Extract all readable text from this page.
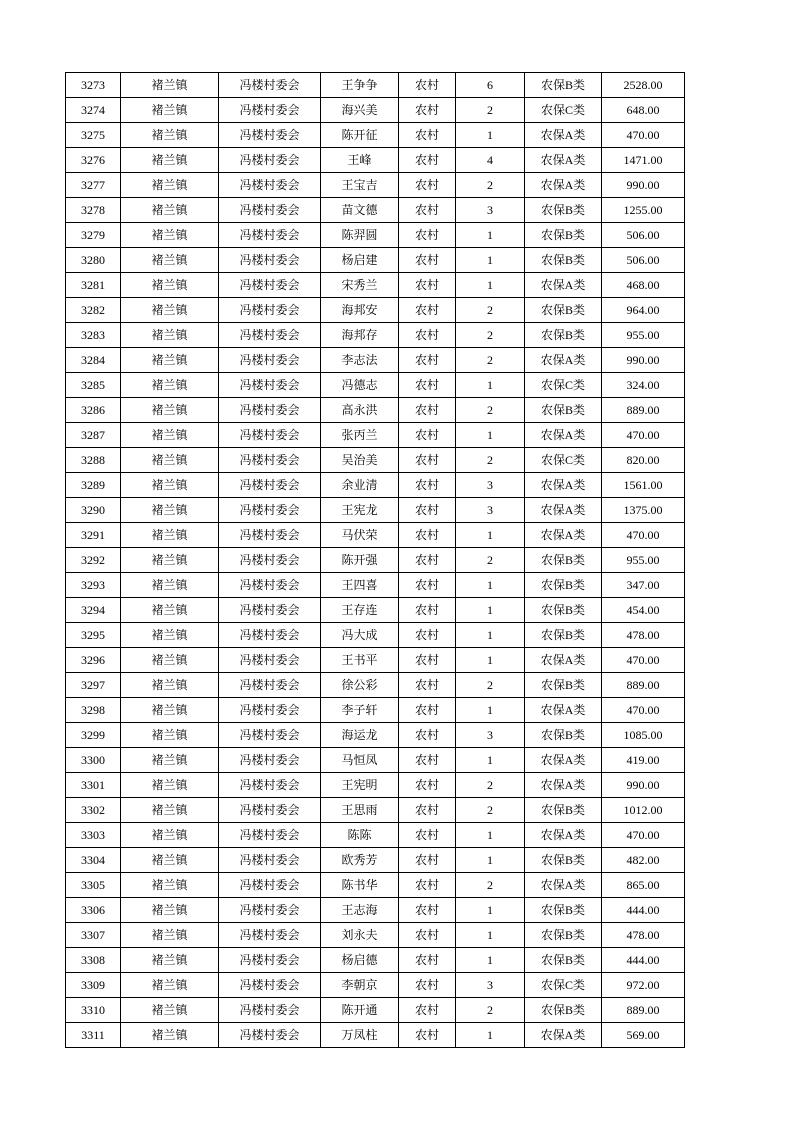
3273	褚兰镇	冯楼村委会	王争争	农村	6	农保B类	2528.00
3274	褚兰镇	冯楼村委会	海兴美	农村	2	农保C类	648.00
3275	褚兰镇	冯楼村委会	陈开征	农村	1	农保A类	470.00
3276	褚兰镇	冯楼村委会	王峰	农村	4	农保A类	1471.00
3277	褚兰镇	冯楼村委会	王宝吉	农村	2	农保A类	990.00
3278	褚兰镇	冯楼村委会	苗文德	农村	3	农保B类	1255.00
3279	褚兰镇	冯楼村委会	陈羿圆	农村	1	农保B类	506.00
3280	褚兰镇	冯楼村委会	杨启建	农村	1	农保B类	506.00
3281	褚兰镇	冯楼村委会	宋秀兰	农村	1	农保A类	468.00
3282	褚兰镇	冯楼村委会	海邦安	农村	2	农保B类	964.00
3283	褚兰镇	冯楼村委会	海邦存	农村	2	农保B类	955.00
3284	褚兰镇	冯楼村委会	李志法	农村	2	农保A类	990.00
3285	褚兰镇	冯楼村委会	冯德志	农村	1	农保C类	324.00
3286	褚兰镇	冯楼村委会	高永洪	农村	2	农保B类	889.00
3287	褚兰镇	冯楼村委会	张丙兰	农村	1	农保A类	470.00
3288	褚兰镇	冯楼村委会	吴治美	农村	2	农保C类	820.00
3289	褚兰镇	冯楼村委会	余业清	农村	3	农保A类	1561.00
3290	褚兰镇	冯楼村委会	王宪龙	农村	3	农保A类	1375.00
3291	褚兰镇	冯楼村委会	马伏荣	农村	1	农保A类	470.00
3292	褚兰镇	冯楼村委会	陈开强	农村	2	农保B类	955.00
3293	褚兰镇	冯楼村委会	王四喜	农村	1	农保B类	347.00
3294	褚兰镇	冯楼村委会	王存连	农村	1	农保B类	454.00
3295	褚兰镇	冯楼村委会	冯大成	农村	1	农保B类	478.00
3296	褚兰镇	冯楼村委会	王书平	农村	1	农保A类	470.00
3297	褚兰镇	冯楼村委会	徐公彩	农村	2	农保B类	889.00
3298	褚兰镇	冯楼村委会	李子轩	农村	1	农保A类	470.00
3299	褚兰镇	冯楼村委会	海运龙	农村	3	农保B类	1085.00
3300	褚兰镇	冯楼村委会	马恒凤	农村	1	农保A类	419.00
3301	褚兰镇	冯楼村委会	王宪明	农村	2	农保A类	990.00
3302	褚兰镇	冯楼村委会	王思雨	农村	2	农保B类	1012.00
3303	褚兰镇	冯楼村委会	陈陈	农村	1	农保A类	470.00
3304	褚兰镇	冯楼村委会	欧秀芳	农村	1	农保B类	482.00
3305	褚兰镇	冯楼村委会	陈书华	农村	2	农保A类	865.00
3306	褚兰镇	冯楼村委会	王志海	农村	1	农保B类	444.00
3307	褚兰镇	冯楼村委会	刘永夫	农村	1	农保B类	478.00
3308	褚兰镇	冯楼村委会	杨启德	农村	1	农保B类	444.00
3309	褚兰镇	冯楼村委会	李朝京	农村	3	农保C类	972.00
3310	褚兰镇	冯楼村委会	陈开通	农村	2	农保B类	889.00
3311	褚兰镇	冯楼村委会	万凤柱	农村	1	农保A类	569.00
